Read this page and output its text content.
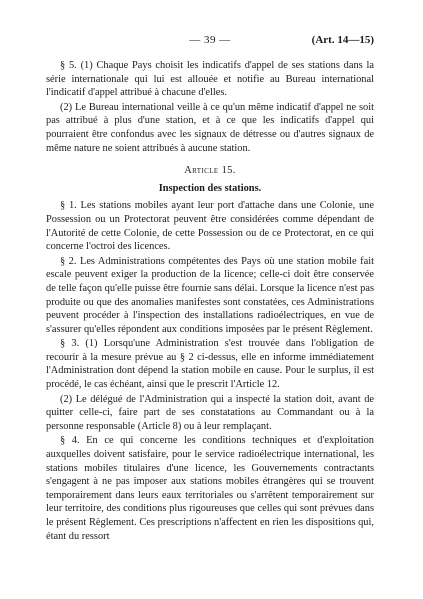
— 39 —	(Art. 14—15)

§ 5. (1) Chaque Pays choisit les indicatifs d'appel de ses stations dans la série internationale qui lui est allouée et notifie au Bureau international l'indicatif d'appel attribué à chacune d'elles.

(2) Le Bureau international veille à ce qu'un même indicatif d'appel ne soit pas attribué à plus d'une station, et à ce que les indicatifs d'appel qui pourraient être confondus avec les signaux de détresse ou d'autres signaux de même nature ne soient attribués à aucune station.

Article 15.
Inspection des stations.

§ 1. Les stations mobiles ayant leur port d'attache dans une Colonie, une Possession ou un Protectorat peuvent être considérées comme dépendant de l'Autorité de cette Colonie, de cette Possession ou de ce Protectorat, en ce qui concerne l'octroi des licences.

§ 2. Les Administrations compétentes des Pays où une station mobile fait escale peuvent exiger la production de la licence; celle-ci doit être conservée de telle façon qu'elle puisse être fournie sans délai. Lorsque la licence n'est pas produite ou que des anomalies manifestes sont constatées, ces Administrations peuvent procéder à l'inspection des installations radioélectriques, en vue de s'assurer qu'elles répondent aux conditions imposées par le présent Règlement.

§ 3. (1) Lorsqu'une Administration s'est trouvée dans l'obligation de recourir à la mesure prévue au § 2 ci-dessus, elle en informe immédiatement l'Administration dont dépend la station mobile en cause. Pour le surplus, il est procédé, le cas échéant, ainsi que le prescrit l'Article 12.

(2) Le délégué de l'Administration qui a inspecté la station doit, avant de quitter celle-ci, faire part de ses constatations au Commandant ou à la personne responsable (Article 8) ou à leur remplaçant.

§ 4. En ce qui concerne les conditions techniques et d'exploitation auxquelles doivent satisfaire, pour le service radioélectrique international, les stations mobiles titulaires d'une licence, les Gouvernements contractants s'engagent à ne pas imposer aux stations mobiles étrangères qui se trouvent temporairement dans leurs eaux territoriales ou s'arrêtent temporairement sur leur territoire, des conditions plus rigoureuses que celles qui sont prévues dans le présent Règlement. Ces prescriptions n'affectent en rien les dispositions qui, étant du ressort
